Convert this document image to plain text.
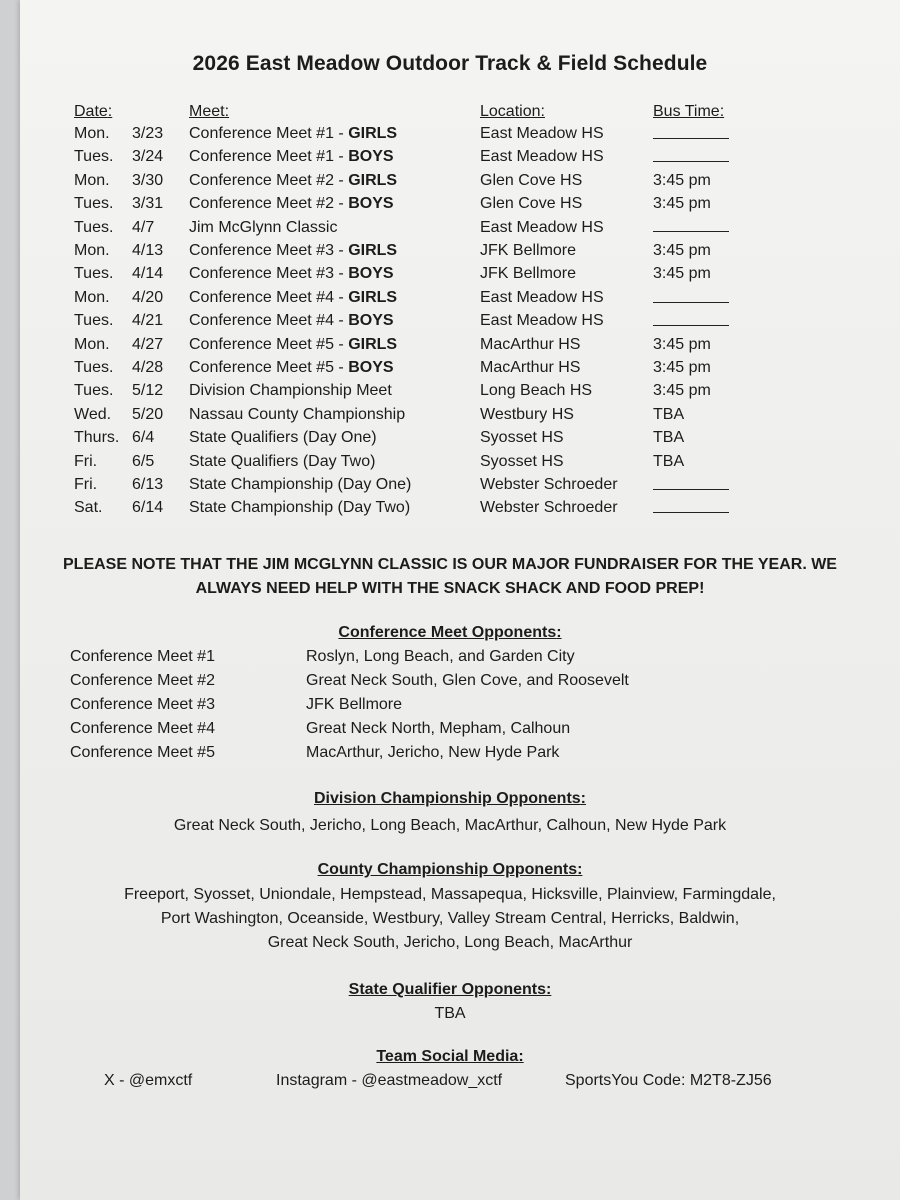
2026 East Meadow Outdoor Track & Field Schedule
Date:	Meet:	Location:	Bus Time:
Mon. 3/23 Conference Meet #1 - GIRLS	East Meadow HS
Tues. 3/24 Conference Meet #1 - BOYS	East Meadow HS
Mon. 3/30 Conference Meet #2 - GIRLS	Glen Cove HS	3:45 pm
Tues. 3/31 Conference Meet #2 - BOYS	Glen Cove HS	3:45 pm
Tues. 4/7 Jim McGlynn Classic	East Meadow HS
Mon. 4/13 Conference Meet #3 - GIRLS	JFK Bellmore	3:45 pm
Tues. 4/14 Conference Meet #3 - BOYS	JFK Bellmore	3:45 pm
Mon. 4/20 Conference Meet #4 - GIRLS	East Meadow HS
Tues. 4/21 Conference Meet #4 - BOYS	East Meadow HS
Mon. 4/27 Conference Meet #5 - GIRLS	MacArthur HS	3:45 pm
Tues. 4/28 Conference Meet #5 - BOYS	MacArthur HS	3:45 pm
Tues. 5/12 Division Championship Meet	Long Beach HS	3:45 pm
Wed. 5/20 Nassau County Championship	Westbury HS	TBA
Thurs. 6/4 State Qualifiers (Day One)	Syosset HS	TBA
Fri. 6/5 State Qualifiers (Day Two)	Syosset HS	TBA
Fri. 6/13 State Championship (Day One)	Webster Schroeder
Sat. 6/14 State Championship (Day Two)	Webster Schroeder
PLEASE NOTE THAT THE JIM MCGLYNN CLASSIC IS OUR MAJOR FUNDRAISER FOR THE YEAR. WE ALWAYS NEED HELP WITH THE SNACK SHACK AND FOOD PREP!
Conference Meet Opponents:
Conference Meet #1	Roslyn, Long Beach, and Garden City
Conference Meet #2	Great Neck South, Glen Cove, and Roosevelt
Conference Meet #3	JFK Bellmore
Conference Meet #4	Great Neck North, Mepham, Calhoun
Conference Meet #5	MacArthur, Jericho, New Hyde Park
Division Championship Opponents:
Great Neck South, Jericho, Long Beach, MacArthur, Calhoun, New Hyde Park
County Championship Opponents:
Freeport, Syosset, Uniondale, Hempstead, Massapequa, Hicksville, Plainview, Farmingdale,
Port Washington, Oceanside, Westbury, Valley Stream Central, Herricks, Baldwin,
Great Neck South, Jericho, Long Beach, MacArthur
State Qualifier Opponents:
TBA
Team Social Media:
X - @emxctf	Instagram - @eastmeadow_xctf	SportsYou Code: M2T8-ZJ56
